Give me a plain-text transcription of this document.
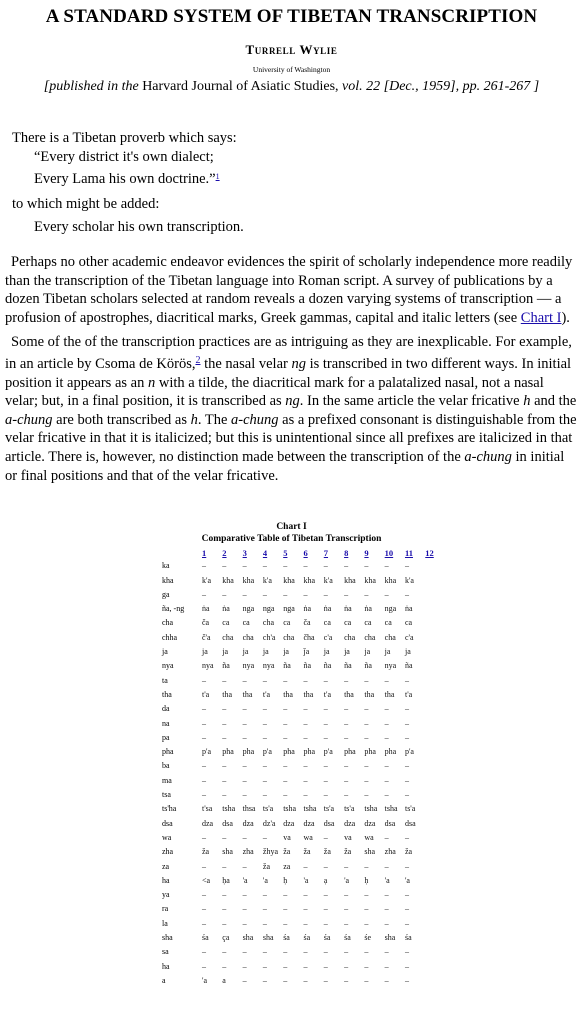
A STANDARD SYSTEM OF TIBETAN TRANSCRIPTION
Turrell Wylie
University of Washington
[published in the Harvard Journal of Asiatic Studies, vol. 22 [Dec., 1959], pp. 261-267 ]
There is a Tibetan proverb which says:
“Every district it's own dialect;
Every Lama his own doctrine.”$^1$
to which might be added:
Every scholar his own transcription.
Perhaps no other academic endeavor evidences the spirit of scholarly independence more readily than the transcription of the Tibetan language into Roman script. A survey of publications by a dozen Tibetan scholars selected at random reveals a dozen varying systems of transcription — a profusion of apostrophes, diacritical marks, Greek gammas, capital and italic letters (see Chart I).
Some of the of the transcription practices are as intriguing as they are inexplicable. For example, in an article by Csoma de Körös,$^2$ the nasal velar ng is transcribed in two different ways. In initial position it appears as an n with a tilde, the diacritical mark for a palatalized nasal, not a nasal velar; but, in a final position, it is transcribed as ng. In the same article the velar fricative h and the a-chung are both transcribed as h. The a-chung as a prefixed consonant is distinguishable from the velar fricative in that it is italicized; but this is unintentional since all prefixes are italicized in that article. There is, however, no distinction made between the transcription of the a-chung in initial or final positions and that of the velar fricative.
Chart I
Comparative Table of Tibetan Transcription
	1	2	3	4	5	6	7	8	9	10	11	12
ka	–	–	–	–	–	–	–	–	–	–	–	
kha	k'a	kha	kha	k'a	kha	kha	k'a	kha	kha	kha	k'a	
ga	–	–	–	–	–	–	–	–	–	–	–	
ña, -ng	ṅa	ṅa	nga	nga	nga	ṅa	ṅa	ṅa	ṅa	nga	ṅa	
cha	ča	ca	ca	cha	ca	ča	ca	ca	ca	ca	ca	
chha	č'a	cha	cha	ch'a	cha	čha	c'a	cha	cha	cha	c'a	
ja	ja	ja	ja	ja	ja	ǰa	ja	ja	ja	ja	ja	
nya	nya	ña	nya	nya	ña	ña	ña	ña	ña	nya	ña	
ta	–	–	–	–	–	–	–	–	–	–	–	
tha	t'a	tha	tha	t'a	tha	tha	t'a	tha	tha	tha	t'a	
da	–	–	–	–	–	–	–	–	–	–	–	
na	–	–	–	–	–	–	–	–	–	–	–	
pa	–	–	–	–	–	–	–	–	–	–	–	
pha	p'a	pha	pha	p'a	pha	pha	p'a	pha	pha	pha	p'a	
ba	–	–	–	–	–	–	–	–	–	–	–	
ma	–	–	–	–	–	–	–	–	–	–	–	
tsa	–	–	–	–	–	–	–	–	–	–	–	
ts'ha	t'sa	tsha	thsa	ts'a	tsha	tsha	ts'a	ts'a	tsha	tsha	ts'a	
dsa	dza	dsa	dza	dz'a	dza	dza	dsa	dza	dza	dsa	dsa	
wa	–	–	–	–	va	wa	–	va	wa	–	–	
zha	ža	sha	zha	žhya	ža	ža	ža	ža	sha	zha	ža	
za	–	–	–	ža	za	–	–	–	–	–	–	
ha	<a	ḥa	'a	'a	ḥ	'a	ạ	'a	ḥ	'a	'a	
ya	–	–	–	–	–	–	–	–	–	–	–	
ra	–	–	–	–	–	–	–	–	–	–	–	
la	–	–	–	–	–	–	–	–	–	–	–	
sha	śa	ça	sha	sha	śa	śa	śa	śa	śe	sha	śa	
sa	–	–	–	–	–	–	–	–	–	–	–	
ha	–	–	–	–	–	–	–	–	–	–	–	
a	'a	a	–	–	–	–	–	–	–	–	–	
